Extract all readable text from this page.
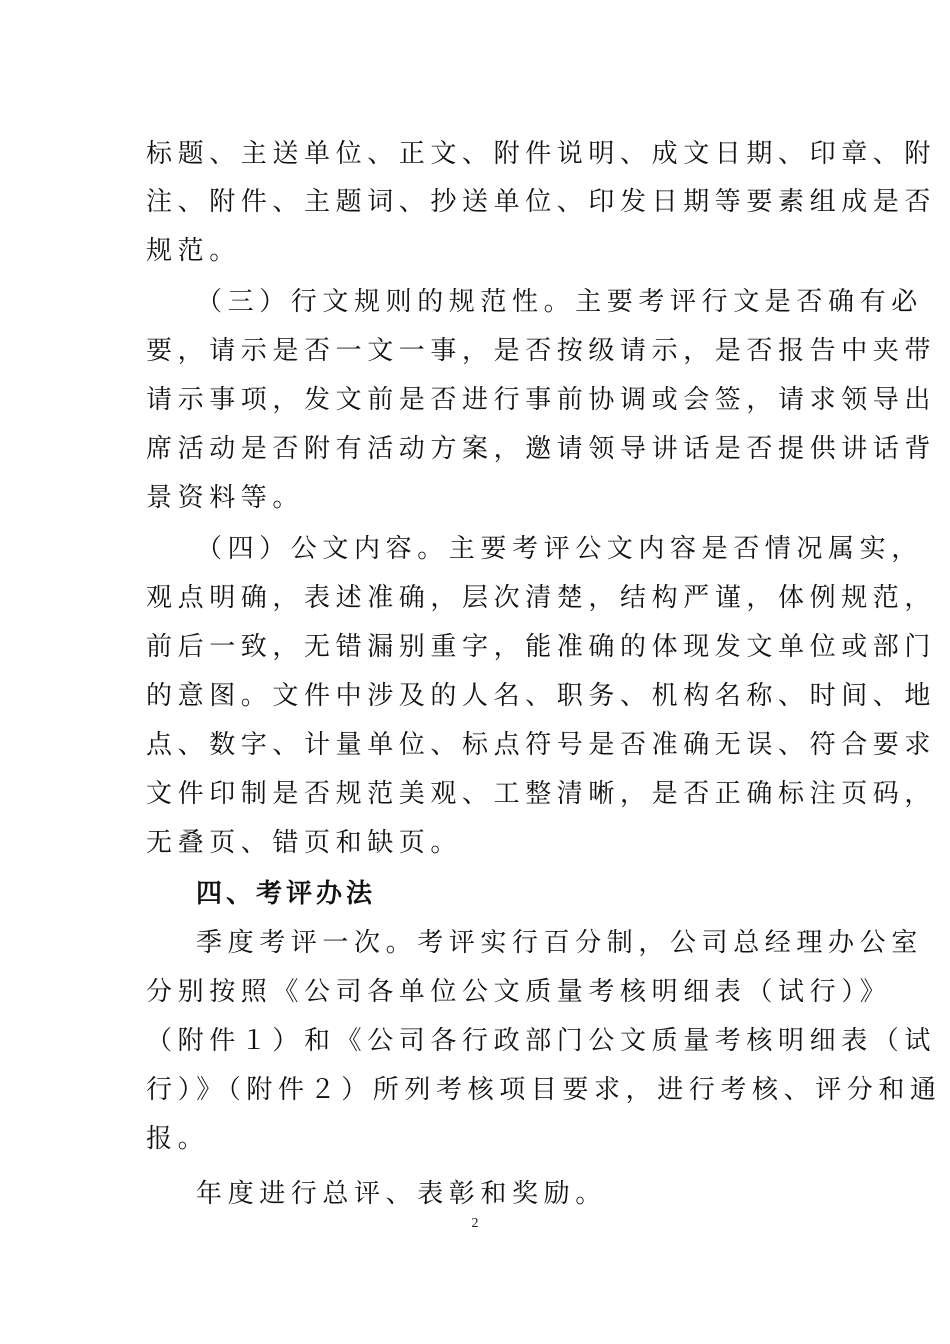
标题、主送单位、正文、附件说明、成文日期、印章、附
注、附件、主题词、抄送单位、印发日期等要素组成是否
规范。
（三）行文规则的规范性。主要考评行文是否确有必
要，请示是否一文一事，是否按级请示，是否报告中夹带
请示事项，发文前是否进行事前协调或会签，请求领导出
席活动是否附有活动方案，邀请领导讲话是否提供讲话背
景资料等。
（四）公文内容。主要考评公文内容是否情况属实，
观点明确，表述准确，层次清楚，结构严谨，体例规范，
前后一致，无错漏别重字，能准确的体现发文单位或部门
的意图。文件中涉及的人名、职务、机构名称、时间、地
点、数字、计量单位、标点符号是否准确无误、符合要求
文件印制是否规范美观、工整清晰，是否正确标注页码，
无叠页、错页和缺页。
四、考评办法
季度考评一次。考评实行百分制，公司总经理办公室
分别按照《公司各单位公文质量考核明细表（试行）》
（附件１）和《公司各行政部门公文质量考核明细表（试
行）》（附件２）所列考核项目要求，进行考核、评分和通
报。
年度进行总评、表彰和奖励。
2
